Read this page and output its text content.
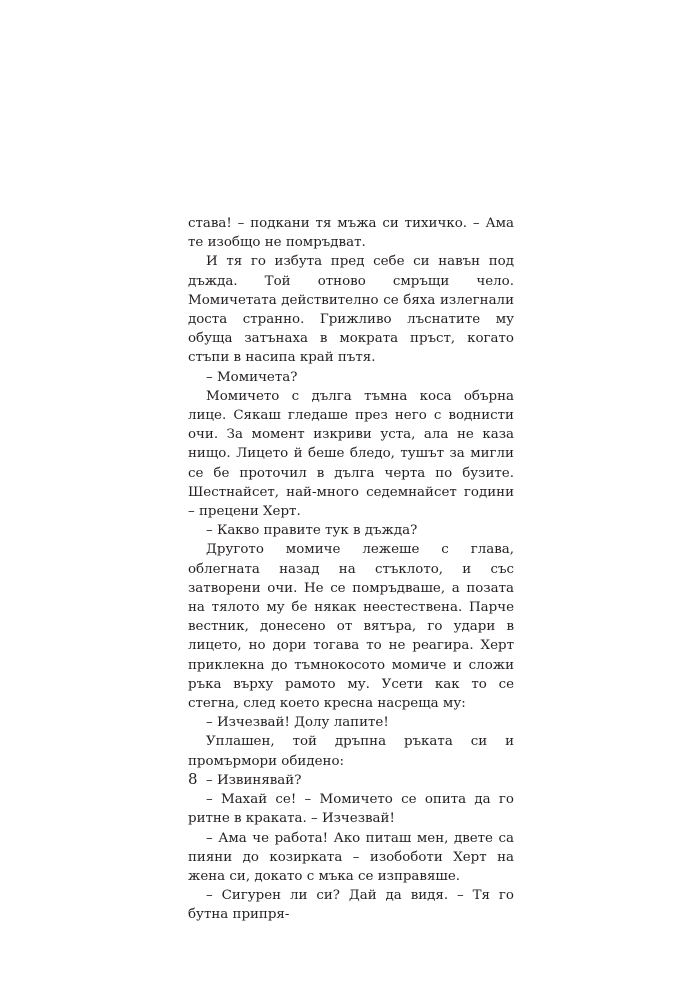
става! – подкани тя мъжа си тихичко. – Ама те изобщо не помръдват.

И тя го избута пред себе си навън под дъжда. Той отново смръщи чело. Момичетата действително се бяха излегнали доста странно. Грижливо лъснатите му обуща затънаха в мократа пръст, когато стъпи в насипа край пътя.

– Момичета?

Момичето с дълга тъмна коса обърна лице. Сякаш гледаше през него с воднисти очи. За момент изкриви уста, ала не каза нищо. Лицето й беше бледо, тушът за мигли се бе проточил в дълга черта по бузите. Шестнайсет, най-много седемнайсет години – прецени Херт.

– Какво правите тук в дъжда?

Другото момиче лежеше с глава, облегната назад на стъклото, и със затворени очи. Не се помръдваше, а позата на тялото му бе някак неестествена. Парче вестник, донесено от вятъра, го удари в лицето, но дори тогава то не реагира. Херт приклекна до тъмнокосото момиче и сложи ръка върху рамото му. Усети как то се стегна, след което кресна насреща му:

– Изчезвай! Долу лапите!

Уплашен, той дръпна ръката си и промърмори обидено:

– Извинявай?

– Махай се! – Момичето се опита да го ритне в краката. – Изчезвай!

– Ама че работа! Ако питаш мен, двете са пияни до козирката – изобоботи Херт на жена си, докато с мъка се изправяше.

– Сигурен ли си? Дай да видя. – Тя го бутна припря-

8
